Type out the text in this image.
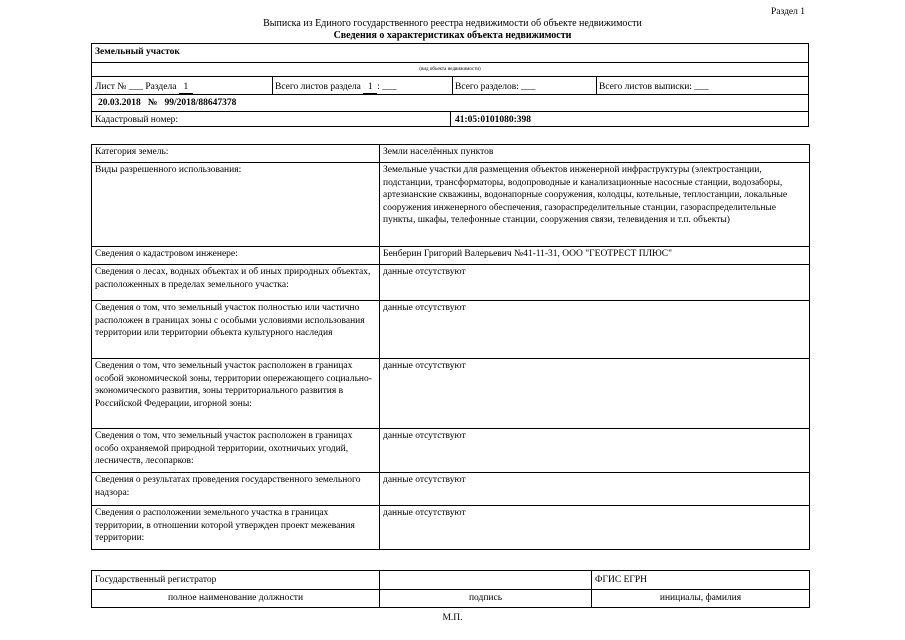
Раздел 1
Выписка из Единого государственного реестра недвижимости об объекте недвижимости
Сведения о характеристиках объекта недвижимости
Земельный участок
(вид объекта недвижимости)
Лист № ___ Раздела 1	Всего листов раздела 1 : ___	Всего разделов: ___	Всего листов выписки: ___
20.03.2018 № 99/2018/88647378
Кадастровый номер:	41:05:0101080:398
Категория земель:	Земли населённых пунктов
Виды разрешенного использования:	Земельные участки для размещения объектов инженерной инфраструктуры (электростанции, подстанции, трансформаторы, водопроводные и канализационные насосные станции, водозаборы, артезианские скважины, водонапорные сооружения, колодцы, котельные, теплостанции, локальные сооружения инженерного обеспечения, газораспределительные станции, газораспределительные пункты, шкафы, телефонные станции, сооружения связи, телевидения и т.п. объекты)
Сведения о кадастровом инженере:	Бенберин Григорий Валерьевич №41-11-31, ООО "ГЕОТРЕСТ ПЛЮС"
Сведения о лесах, водных объектах и об иных природных объектах, расположенных в пределах земельного участка:	данные отсутствуют
Сведения о том, что земельный участок полностью или частично расположен в границах зоны с особыми условиями использования территории или территории объекта культурного наследия	данные отсутствуют
Сведения о том, что земельный участок расположен в границах особой экономической зоны, территории опережающего социально-экономического развития, зоны территориального развития в Российской Федерации, игорной зоны:	данные отсутствуют
Сведения о том, что земельный участок расположен в границах особо охраняемой природной территории, охотничьих угодий, лесничеств, лесопарков:	данные отсутствуют
Сведения о результатах проведения государственного земельного надзора:	данные отсутствуют
Сведения о расположении земельного участка в границах территории, в отношении которой утвержден проект межевания территории:	данные отсутствуют
Государственный регистратор		ФГИС ЕГРН
полное наименование должности	подпись	инициалы, фамилия
М.П.
